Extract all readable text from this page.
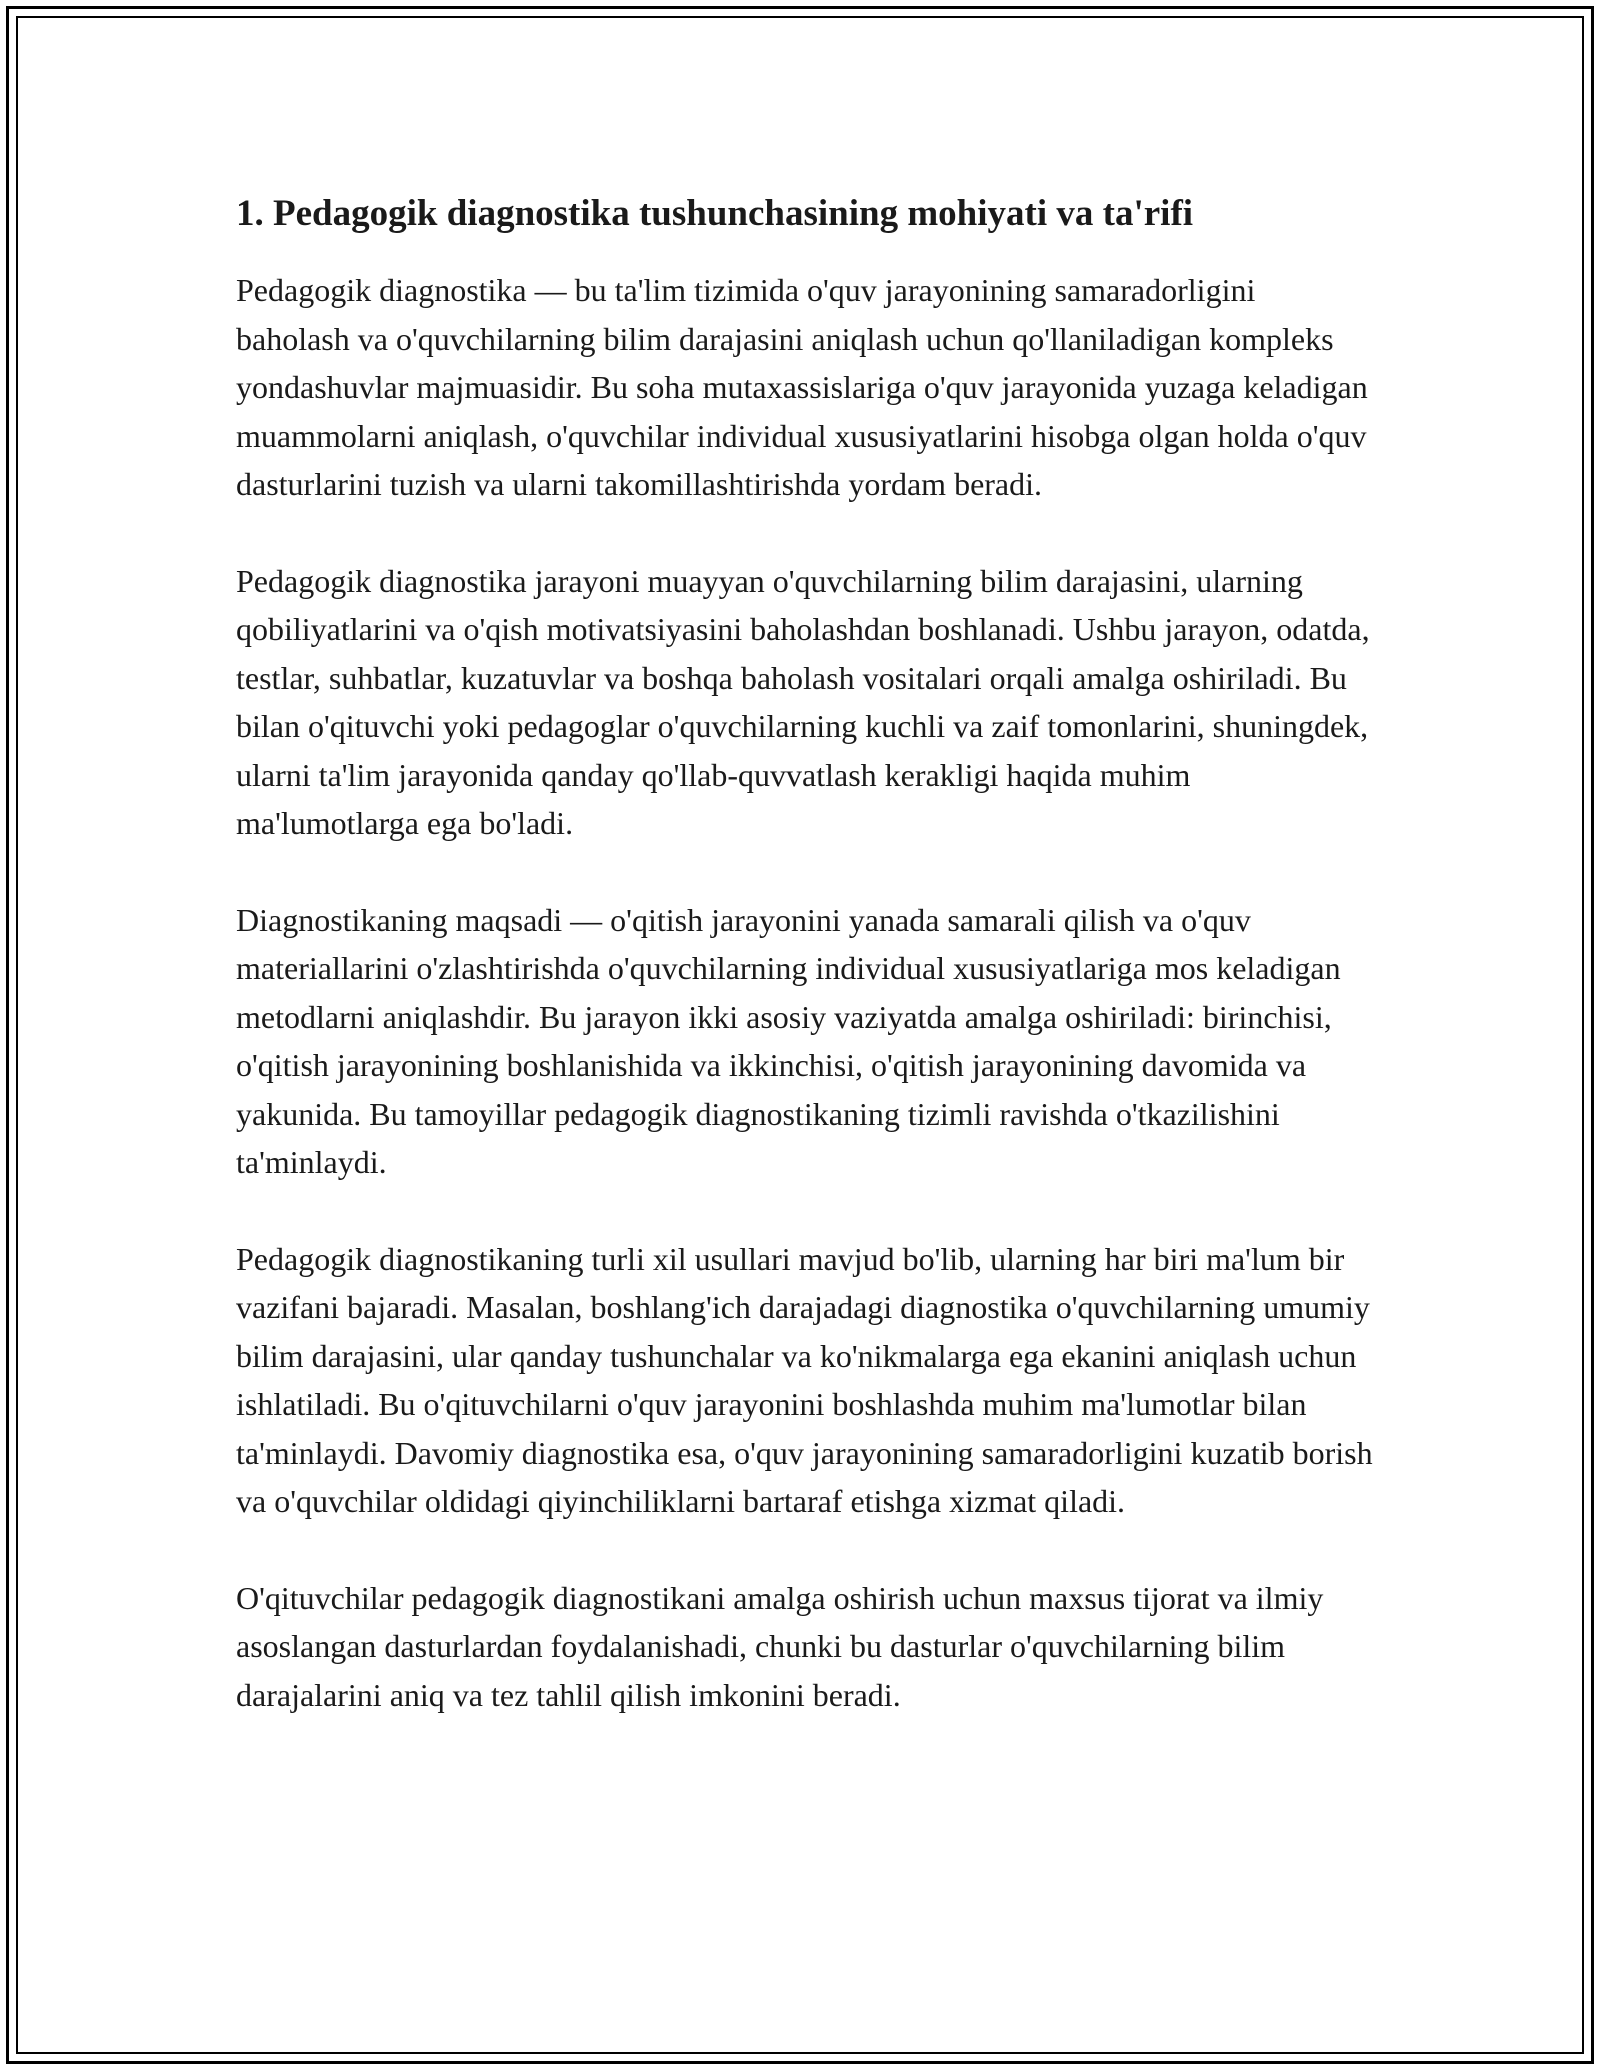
1. Pedagogik diagnostika tushunchasining mohiyati va ta'rifi

Pedagogik diagnostika — bu ta'lim tizimida o'quv jarayonining samaradorligini baholash va o'quvchilarning bilim darajasini aniqlash uchun qo'llaniladigan kompleks yondashuvlar majmuasidir. Bu soha mutaxassislariga o'quv jarayonida yuzaga keladigan muammolarni aniqlash, o'quvchilar individual xususiyatlarini hisobga olgan holda o'quv dasturlarini tuzish va ularni takomillashtirishda yordam beradi.

Pedagogik diagnostika jarayoni muayyan o'quvchilarning bilim darajasini, ularning qobiliyatlarini va o'qish motivatsiyasini baholashdan boshlanadi. Ushbu jarayon, odatda, testlar, suhbatlar, kuzatuvlar va boshqa baholash vositalari orqali amalga oshiriladi. Bu bilan o'qituvchi yoki pedagoglar o'quvchilarning kuchli va zaif tomonlarini, shuningdek, ularni ta'lim jarayonida qanday qo'llab-quvvatlash kerakligi haqida muhim ma'lumotlarga ega bo'ladi.

Diagnostikaning maqsadi — o'qitish jarayonini yanada samarali qilish va o'quv materiallarini o'zlashtirishda o'quvchilarning individual xususiyatlariga mos keladigan metodlarni aniqlashdir. Bu jarayon ikki asosiy vaziyatda amalga oshiriladi: birinchisi, o'qitish jarayonining boshlanishida va ikkinchisi, o'qitish jarayonining davomida va yakunida. Bu tamoyillar pedagogik diagnostikaning tizimli ravishda o'tkazilishini ta'minlaydi.

Pedagogik diagnostikaning turli xil usullari mavjud bo'lib, ularning har biri ma'lum bir vazifani bajaradi. Masalan, boshlang'ich darajadagi diagnostika o'quvchilarning umumiy bilim darajasini, ular qanday tushunchalar va ko'nikmalarga ega ekanini aniqlash uchun ishlatiladi. Bu o'qituvchilarni o'quv jarayonini boshlashda muhim ma'lumotlar bilan ta'minlaydi. Davomiy diagnostika esa, o'quv jarayonining samaradorligini kuzatib borish va o'quvchilar oldidagi qiyinchiliklarni bartaraf etishga xizmat qiladi.

O'qituvchilar pedagogik diagnostikani amalga oshirish uchun maxsus tijorat va ilmiy asoslangan dasturlardan foydalanishadi, chunki bu dasturlar o'quvchilarning bilim darajalarini aniq va tez tahlil qilish imkonini beradi.
